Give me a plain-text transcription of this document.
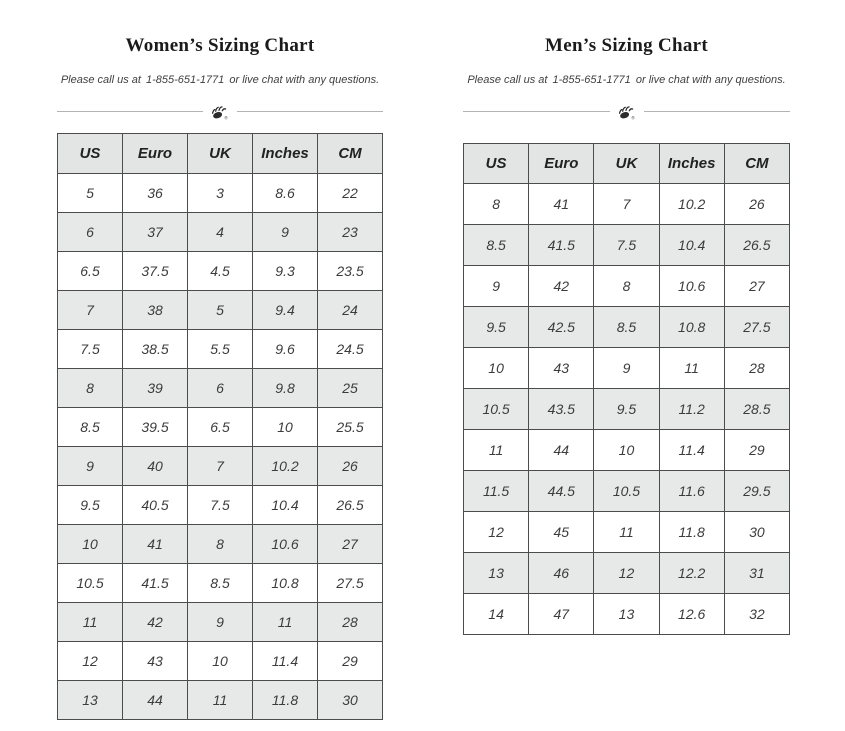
Women’s Sizing Chart

Please call us at 1-855-651-1771 or live chat with any questions.

®
US	Euro	UK	Inches	CM
5	36	3	8.6	22
6	37	4	9	23
6.5	37.5	4.5	9.3	23.5
7	38	5	9.4	24
7.5	38.5	5.5	9.6	24.5
8	39	6	9.8	25
8.5	39.5	6.5	10	25.5
9	40	7	10.2	26
9.5	40.5	7.5	10.4	26.5
10	41	8	10.6	27
10.5	41.5	8.5	10.8	27.5
11	42	9	11	28
12	43	10	11.4	29
13	44	11	11.8	30
Men’s Sizing Chart

Please call us at 1-855-651-1771 or live chat with any questions.

®
US	Euro	UK	Inches	CM
8	41	7	10.2	26
8.5	41.5	7.5	10.4	26.5
9	42	8	10.6	27
9.5	42.5	8.5	10.8	27.5
10	43	9	11	28
10.5	43.5	9.5	11.2	28.5
11	44	10	11.4	29
11.5	44.5	10.5	11.6	29.5
12	45	11	11.8	30
13	46	12	12.2	31
14	47	13	12.6	32
